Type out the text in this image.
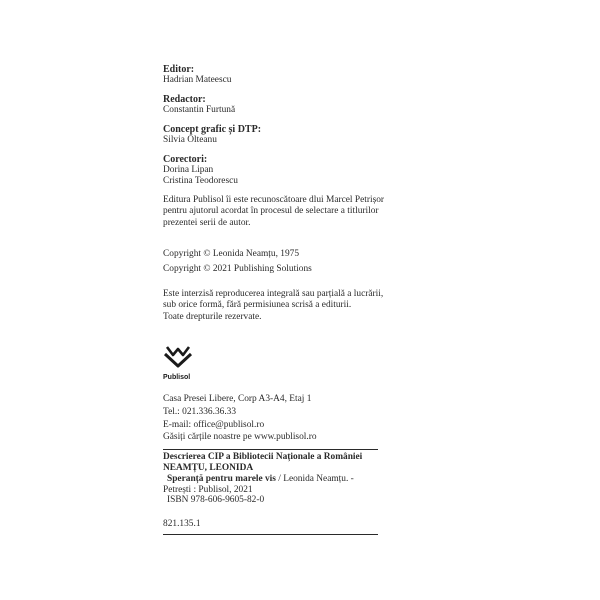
Editor:
Hadrian Mateescu
Redactor:
Constantin Furtună
Concept grafic și DTP:
Silvia Olteanu
Corectori:
Dorina Lipan
Cristina Teodorescu
Editura Publisol îi este recunoscătoare dlui Marcel Petrișor
pentru ajutorul acordat în procesul de selectare a titlurilor
prezentei serii de autor.
Copyright © Leonida Neamțu, 1975
Copyright © 2021 Publishing Solutions
Este interzisă reproducerea integrală sau parțială a lucrării,
sub orice formă, fără permisiunea scrisă a editurii.
Toate drepturile rezervate.
Publisol
Casa Presei Libere, Corp A3-A4, Etaj 1
Tel.: 021.336.36.33
E-mail: office@publisol.ro
Găsiți cărțile noastre pe www.publisol.ro
Descrierea CIP a Bibliotecii Naționale a României
NEAMȚU, LEONIDA
Speranță pentru marele vis / Leonida Neamțu. -
Petrești : Publisol, 2021
ISBN 978-606-9605-82-0
821.135.1
